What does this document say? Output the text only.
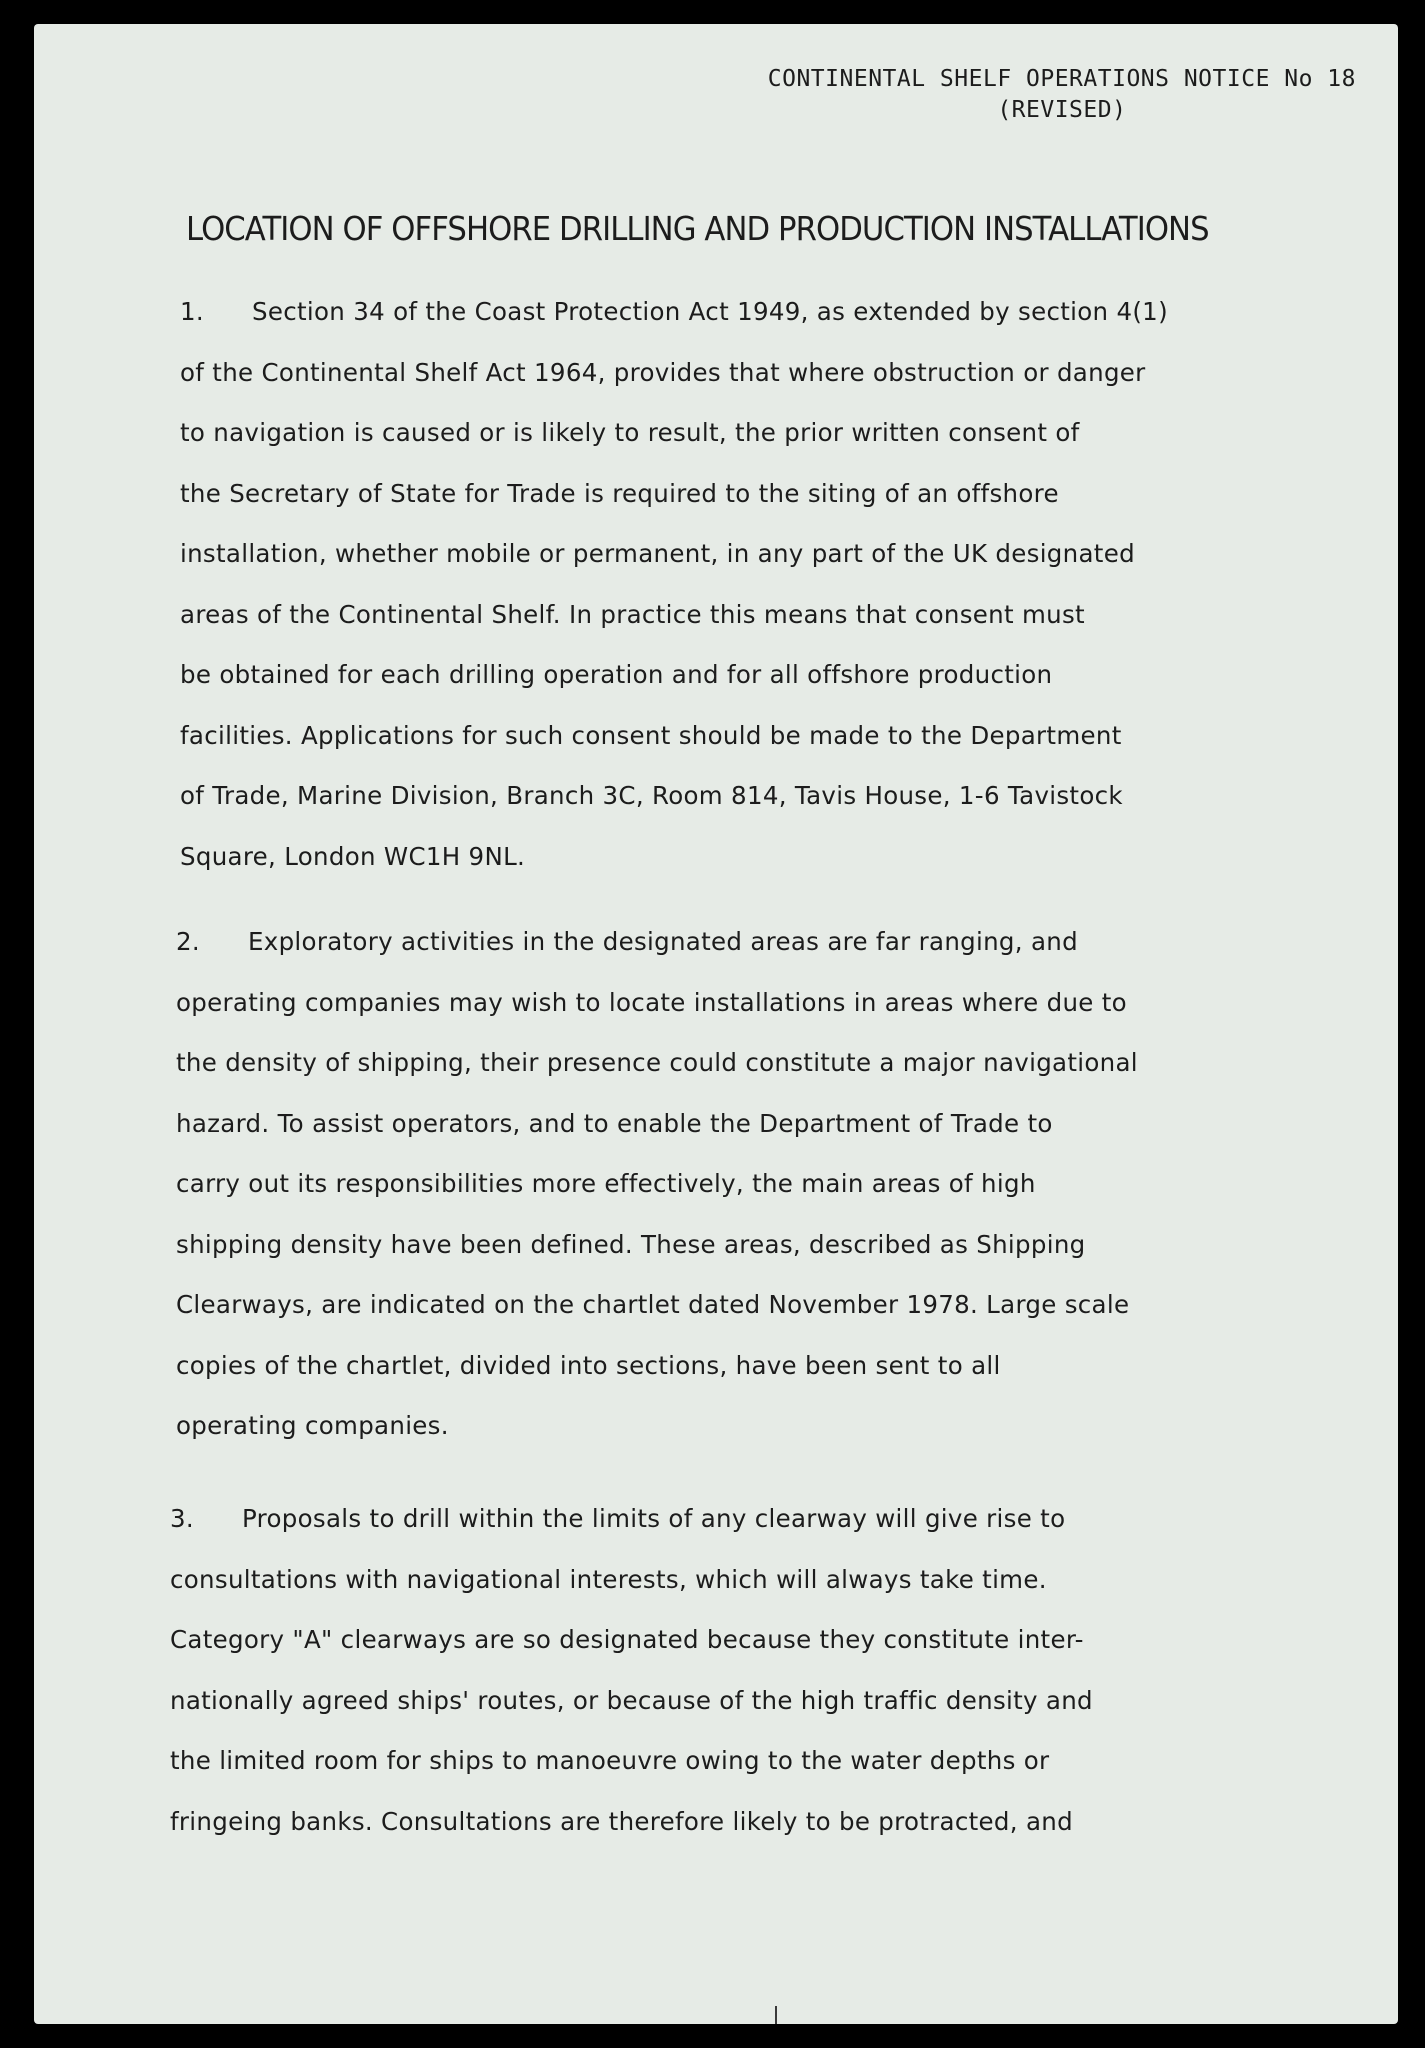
CONTINENTAL SHELF OPERATIONS NOTICE No 18
(REVISED)
LOCATION OF OFFSHORE DRILLING AND PRODUCTION INSTALLATIONS
1. Section 34 of the Coast Protection Act 1949, as extended by section 4(1)
of the Continental Shelf Act 1964, provides that where obstruction or danger
to navigation is caused or is likely to result, the prior written consent of
the Secretary of State for Trade is required to the siting of an offshore
installation, whether mobile or permanent, in any part of the UK designated
areas of the Continental Shelf. In practice this means that consent must
be obtained for each drilling operation and for all offshore production
facilities. Applications for such consent should be made to the Department
of Trade, Marine Division, Branch 3C, Room 814, Tavis House, 1-6 Tavistock
Square, London WC1H 9NL.
2. Exploratory activities in the designated areas are far ranging, and
operating companies may wish to locate installations in areas where due to
the density of shipping, their presence could constitute a major navigational
hazard. To assist operators, and to enable the Department of Trade to
carry out its responsibilities more effectively, the main areas of high
shipping density have been defined. These areas, described as Shipping
Clearways, are indicated on the chartlet dated November 1978. Large scale
copies of the chartlet, divided into sections, have been sent to all
operating companies.
3. Proposals to drill within the limits of any clearway will give rise to
consultations with navigational interests, which will always take time.
Category "A" clearways are so designated because they constitute inter-
nationally agreed ships' routes, or because of the high traffic density and
the limited room for ships to manoeuvre owing to the water depths or
fringeing banks. Consultations are therefore likely to be protracted, and
